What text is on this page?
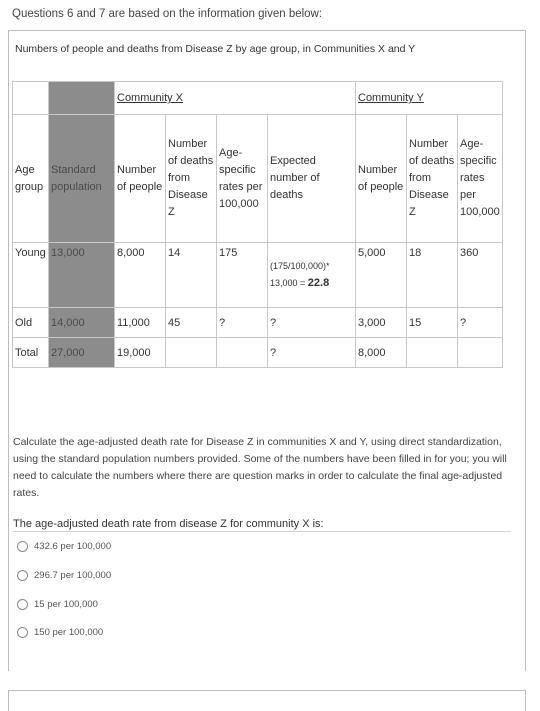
Questions 6 and 7 are based on the information given below:
Numbers of people and deaths from Disease Z by age group, in Communities X and Y
		Community X				Community Y		
Age group	Standard population	Number of people	Number of deaths from Disease Z	Age-specific rates per 100,000	Expected number of deaths	Number of people	Number of deaths from Disease Z	Age-specific rates per 100,000
Young	13,000	8,000	14	175	(175/100,000)*
13,000 = 22.8	5,000	18	360
Old	14,000	11,000	45	?	?	3,000	15	?
Total	27,000	19,000			?	8,000		
Calculate the age-adjusted death rate for Disease Z in communities X and Y, using direct standardization, using the standard population numbers provided. Some of the numbers have been filled in for you; you will need to calculate the numbers where there are question marks in order to calculate the final age-adjusted rates.
The age-adjusted death rate from disease Z for community X is:
432.6 per 100,000
296.7 per 100,000
15 per 100,000
150 per 100,000
